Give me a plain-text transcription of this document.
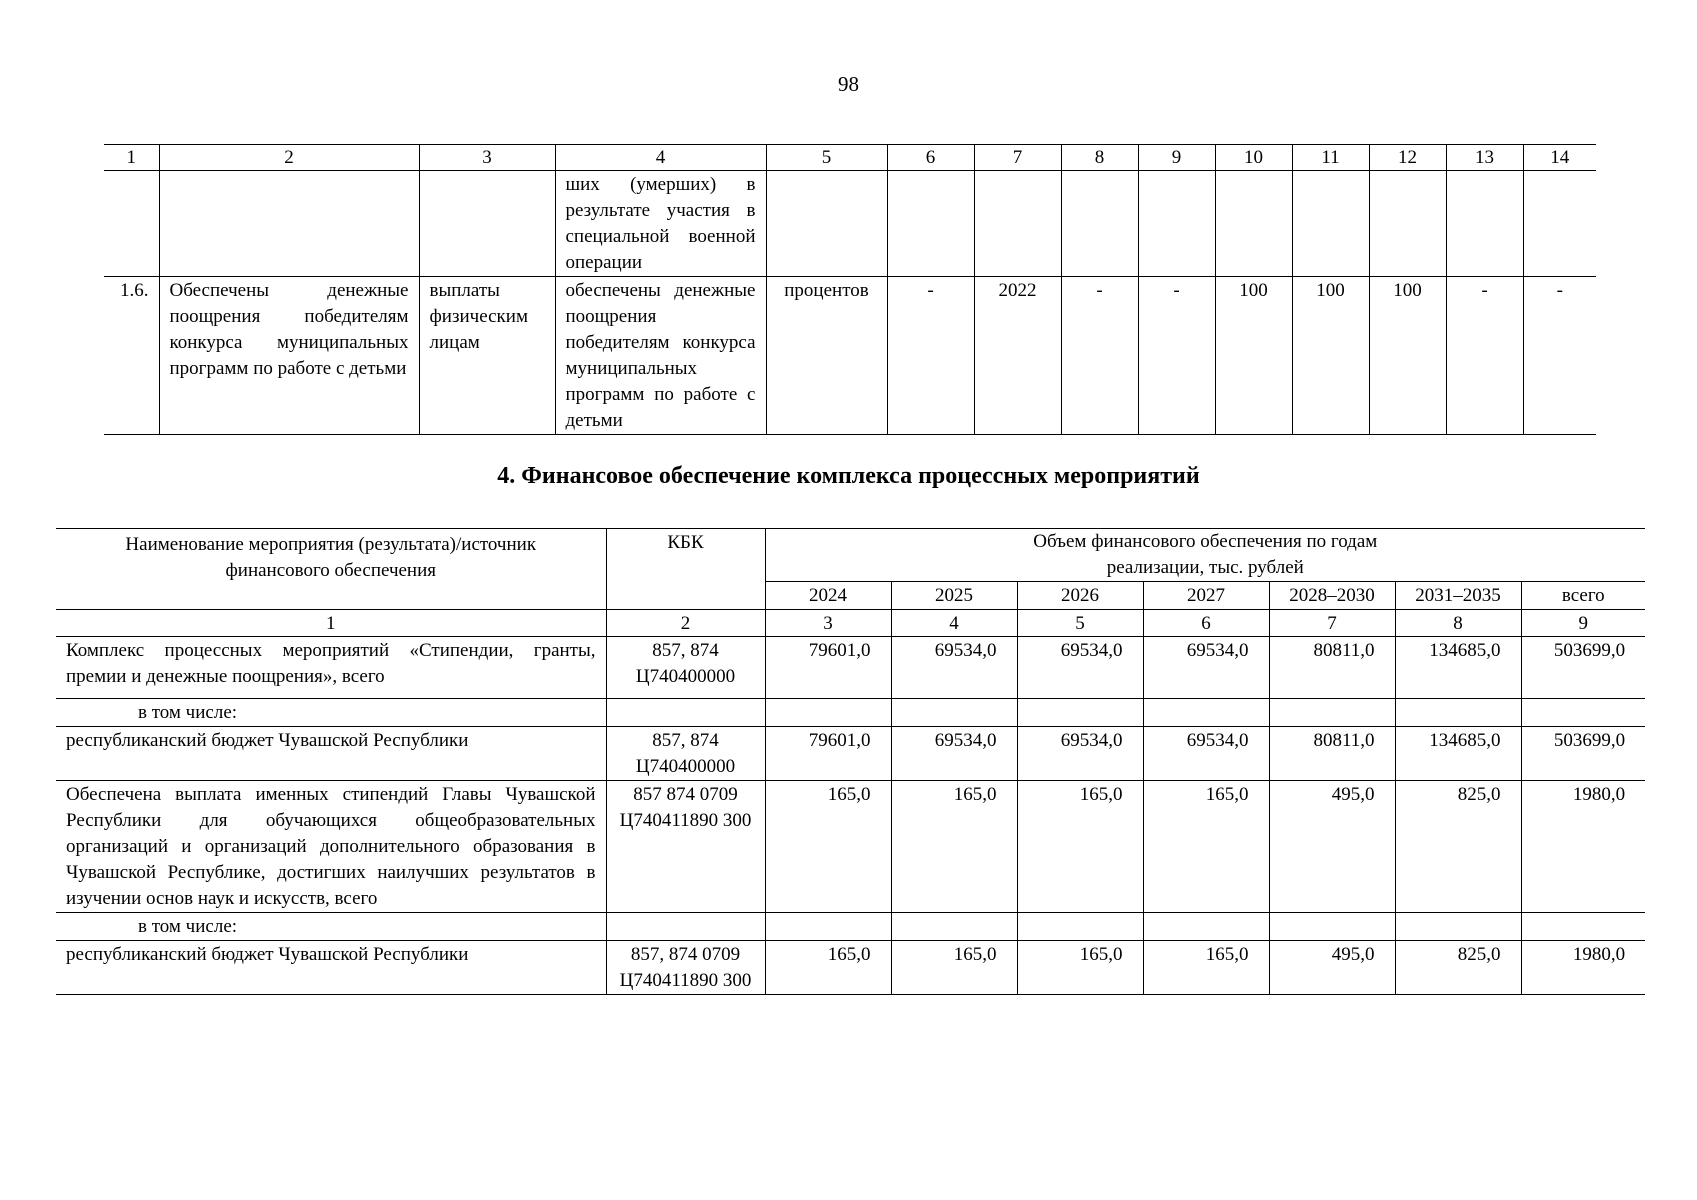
98
1	2	3	4	5	6	7	8	9	10	11	12	13	14
			ших (умерших) в результате участия в специальной военной операции										
1.6.	Обеспечены денежные поощрения победителям конкурса муниципальных программ по работе с детьми	выплаты физическим лицам	обеспечены денежные поощрения победителям конкурса муниципальных программ по работе с детьми	процентов	-	2022	-	-	100	100	100	-	-
4. Финансовое обеспечение комплекса процессных мероприятий
Наименование мероприятия (результата)/источник финансового обеспечения	КБК	Объем финансового обеспечения по годам реализации, тыс. рублей						
		2024	2025	2026	2027	2028–2030	2031–2035	всего
1	2	3	4	5	6	7	8	9
Комплекс процессных мероприятий «Стипендии, гранты, премии и денежные поощрения», всего	857, 874 Ц740400000	79601,0	69534,0	69534,0	69534,0	80811,0	134685,0	503699,0
в том числе:								
республиканский бюджет Чувашской Республики	857, 874 Ц740400000	79601,0	69534,0	69534,0	69534,0	80811,0	134685,0	503699,0
Обеспечена выплата именных стипендий Главы Чувашской Республики для обучающихся общеобразовательных организаций и организаций дополнительного образования в Чувашской Республике, достигших наилучших результатов в изучении основ наук и искусств, всего	857 874 0709 Ц740411890 300	165,0	165,0	165,0	165,0	495,0	825,0	1980,0
в том числе:								
республиканский бюджет Чувашской Республики	857, 874 0709 Ц740411890 300	165,0	165,0	165,0	165,0	495,0	825,0	1980,0
